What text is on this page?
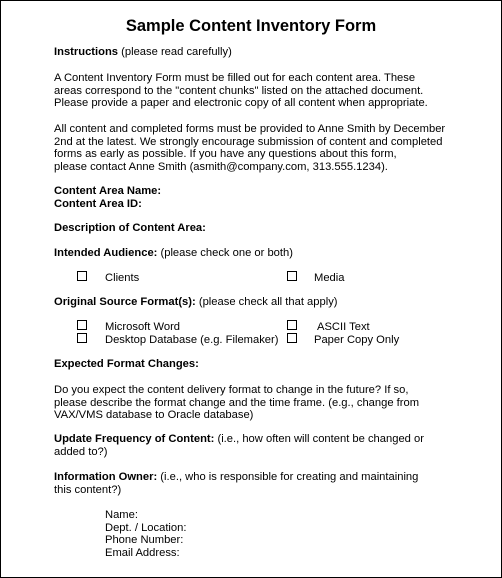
Sample Content Inventory Form
Instructions (please read carefully)
A Content Inventory Form must be filled out for each content area. These
areas correspond to the "content chunks" listed on the attached document.
Please provide a paper and electronic copy of all content when appropriate.
All content and completed forms must be provided to Anne Smith by December
2nd at the latest. We strongly encourage submission of content and completed
forms as early as possible. If you have any questions about this form,
please contact Anne Smith (asmith@company.com, 313.555.1234).
Content Area Name:
Content Area ID:
Description of Content Area:
Intended Audience: (please check one or both)
Clients	Media
Original Source Format(s): (please check all that apply)
Microsoft Word	ASCII Text
Desktop Database (e.g. Filemaker)	Paper Copy Only
Expected Format Changes:
Do you expect the content delivery format to change in the future? If so,
please describe the format change and the time frame. (e.g., change from
VAX/VMS database to Oracle database)
Update Frequency of Content: (i.e., how often will content be changed or
added to?)
Information Owner: (i.e., who is responsible for creating and maintaining
this content?)
Name:
Dept. / Location:
Phone Number:
Email Address:
